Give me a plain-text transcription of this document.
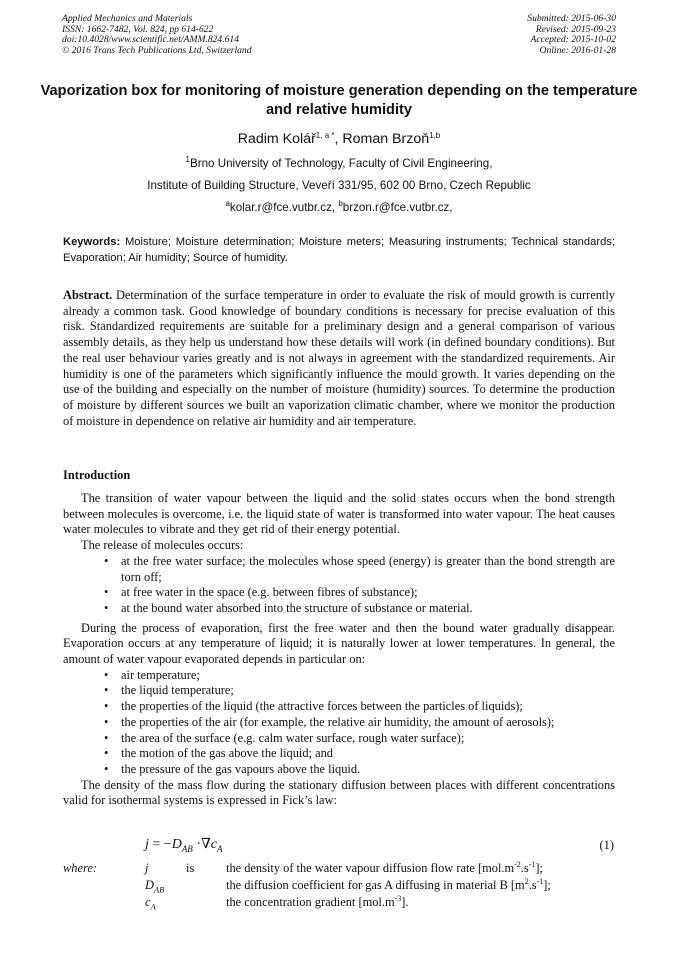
Applied Mechanics and Materials
ISSN: 1662-7482, Vol. 824, pp 614-622
doi:10.4028/www.scientific.net/AMM.824.614
© 2016 Trans Tech Publications Ltd, Switzerland
Submitted: 2015-06-30
Revised: 2015-09-23
Accepted: 2015-10-02
Online: 2016-01-28
Vaporization box for monitoring of moisture generation depending on the temperature and relative humidity
Radim Kolář$^{1, a *}$, Roman Brzoň$^{1,b}$
$^1$Brno University of Technology, Faculty of Civil Engineering,
Institute of Building Structure, Veveří 331/95, 602 00 Brno, Czech Republic
$^a$kolar.r@fce.vutbr.cz, $^b$brzon.r@fce.vutbr.cz,
Keywords: Moisture; Moisture determination; Moisture meters; Measuring instruments; Technical standards; Evaporation; Air humidity; Source of humidity.
Abstract. Determination of the surface temperature in order to evaluate the risk of mould growth is currently already a common task. Good knowledge of boundary conditions is necessary for precise evaluation of this risk. Standardized requirements are suitable for a preliminary design and a general comparison of various assembly details, as they help us understand how these details will work (in defined boundary conditions). But the real user behaviour varies greatly and is not always in agreement with the standardized requirements. Air humidity is one of the parameters which significantly influence the mould growth. It varies depending on the use of the building and especially on the number of moisture (humidity) sources. To determine the production of moisture by different sources we built an vaporization climatic chamber, where we monitor the production of moisture in dependence on relative air humidity and air temperature.
Introduction

The transition of water vapour between the liquid and the solid states occurs when the bond strength between molecules is overcome, i.e. the liquid state of water is transformed into water vapour. The heat causes water molecules to vibrate and they get rid of their energy potential.

The release of molecules occurs:

• at the free water surface; the molecules whose speed (energy) is greater than the bond strength are torn off;
• at free water in the space (e.g. between fibres of substance);
• at the bound water absorbed into the structure of substance or material.

During the process of evaporation, first the free water and then the bound water gradually disappear. Evaporation occurs at any temperature of liquid; it is naturally lower at lower temperatures. In general, the amount of water vapour evaporated depends in particular on:

• air temperature;
• the liquid temperature;
• the properties of the liquid (the attractive forces between the particles of liquids);
• the properties of the air (for example, the relative air humidity, the amount of aerosols);
• the area of the surface (e.g. calm water surface, rough water surface);
• the motion of the gas above the liquid; and
• the pressure of the gas vapours above the liquid.

The density of the mass flow during the stationary diffusion between places with different concentrations valid for isothermal systems is expressed in Fick’s law:

$j = -D_{AB} \cdot\nabla c_A$	(1)
where:	j	is	the density of the water vapour diffusion flow rate $[mol.m^{-2}.s^{-1}]$;
$D_{AB}$	the diffusion coefficient for gas A diffusing in material B $[m^2.s^{-1}]$;
$c_A$	the concentration gradient $[mol.m^{-3}]$.
